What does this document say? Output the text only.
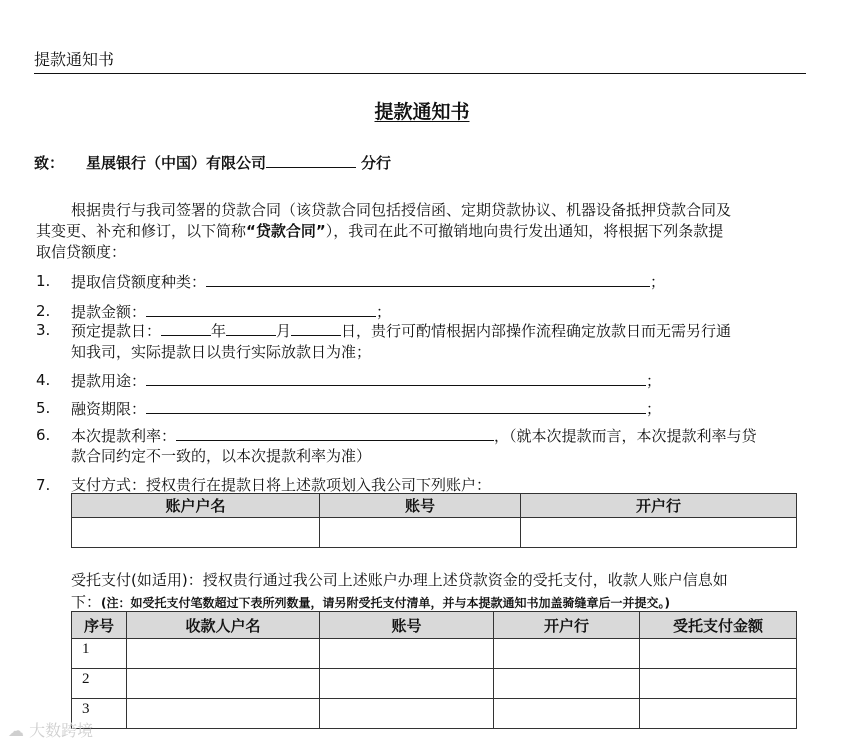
提款通知书
提款通知书
致： 星展银行（中国）有限公司	分行
根据贵行与我司签署的贷款合同（该贷款合同包括授信函、定期贷款协议、机器设备抵押贷款合同及
其变更、补充和修订，以下简称“贷款合同”），我司在此不可撤销地向贵行发出通知，将根据下列条款提
取信贷额度：
1. 提取信贷额度种类：	；
2. 提款金额：	；
3. 预定提款日：	年	月	日，贵行可酌情根据内部操作流程确定放款日而无需另行通
知我司，实际提款日以贵行实际放款日为准；
4. 提款用途：	；
5. 融资期限：	；
6. 本次提款利率：	，（就本次提款而言，本次提款利率与贷
款合同约定不一致的，以本次提款利率为准）
7. 支付方式：授权贵行在提款日将上述款项划入我公司下列账户：
账户户名	账号	开户行

受托支付(如适用)：授权贵行通过我公司上述账户办理上述贷款资金的受托支付，收款人账户信息如
下：(注：如受托支付笔数超过下表所列数量，请另附受托支付清单，并与本提款通知书加盖骑缝章后一并提交。)
序号	收款人户名	账号	开户行	受托支付金额
1				
2				
3				
☁ 大数跨境
